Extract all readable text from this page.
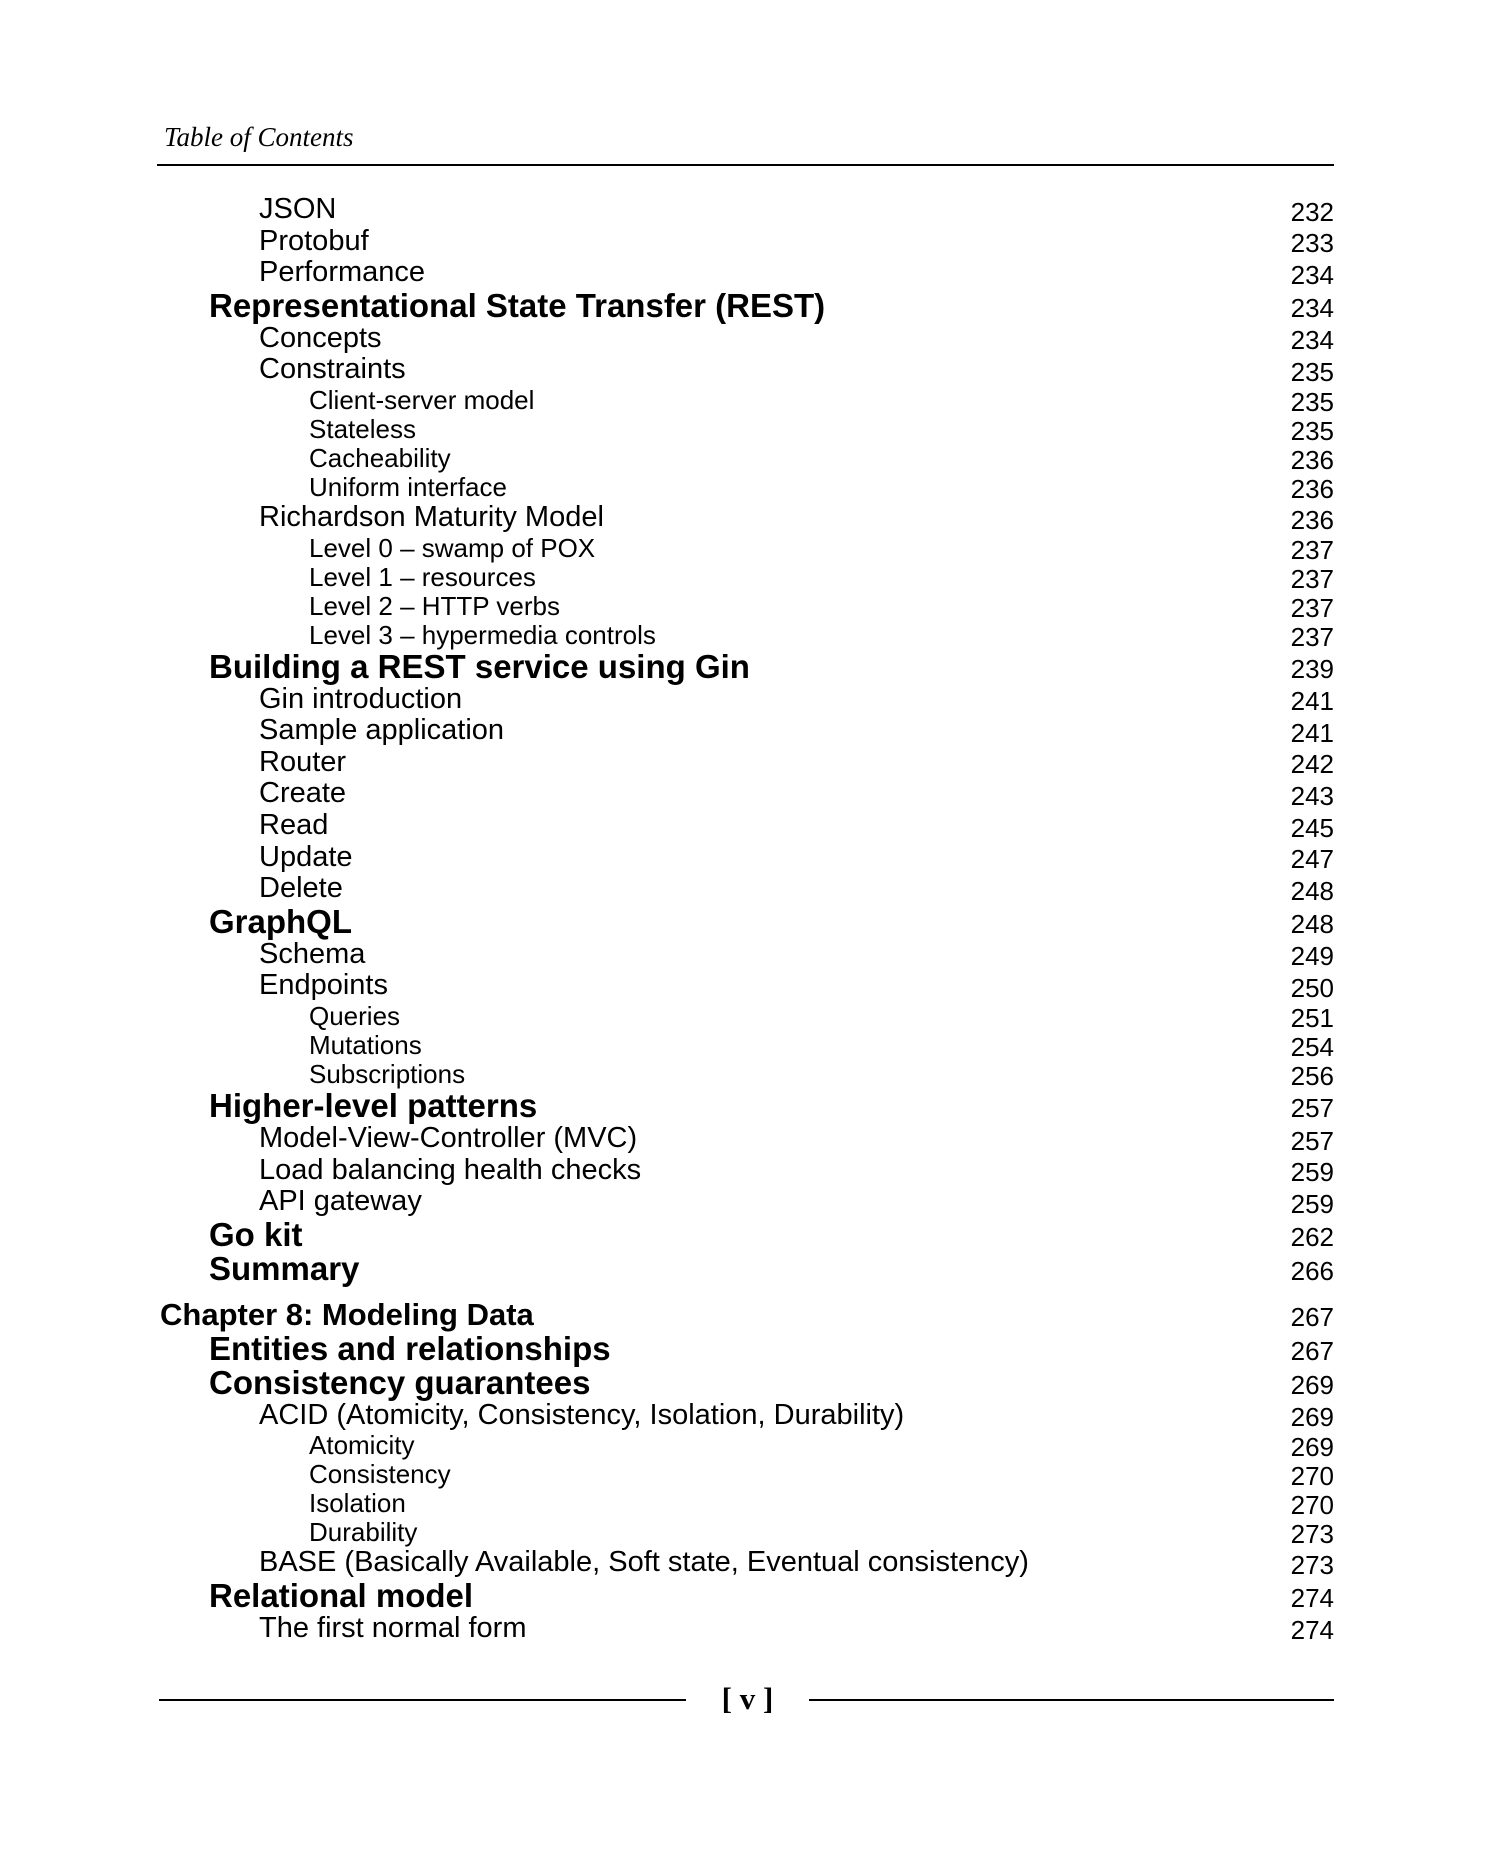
Table of Contents
JSON	232
Protobuf	233
Performance	234
Representational State Transfer (REST)	234
Concepts	234
Constraints	235
Client-server model	235
Stateless	235
Cacheability	236
Uniform interface	236
Richardson Maturity Model	236
Level 0 – swamp of POX	237
Level 1 – resources	237
Level 2 – HTTP verbs	237
Level 3 – hypermedia controls	237
Building a REST service using Gin	239
Gin introduction	241
Sample application	241
Router	242
Create	243
Read	245
Update	247
Delete	248
GraphQL	248
Schema	249
Endpoints	250
Queries	251
Mutations	254
Subscriptions	256
Higher-level patterns	257
Model-View-Controller (MVC)	257
Load balancing health checks	259
API gateway	259
Go kit	262
Summary	266
Chapter 8: Modeling Data	267
Entities and relationships	267
Consistency guarantees	269
ACID (Atomicity, Consistency, Isolation, Durability)	269
Atomicity	269
Consistency	270
Isolation	270
Durability	273
BASE (Basically Available, Soft state, Eventual consistency)	273
Relational model	274
The first normal form	274
[ v ]
